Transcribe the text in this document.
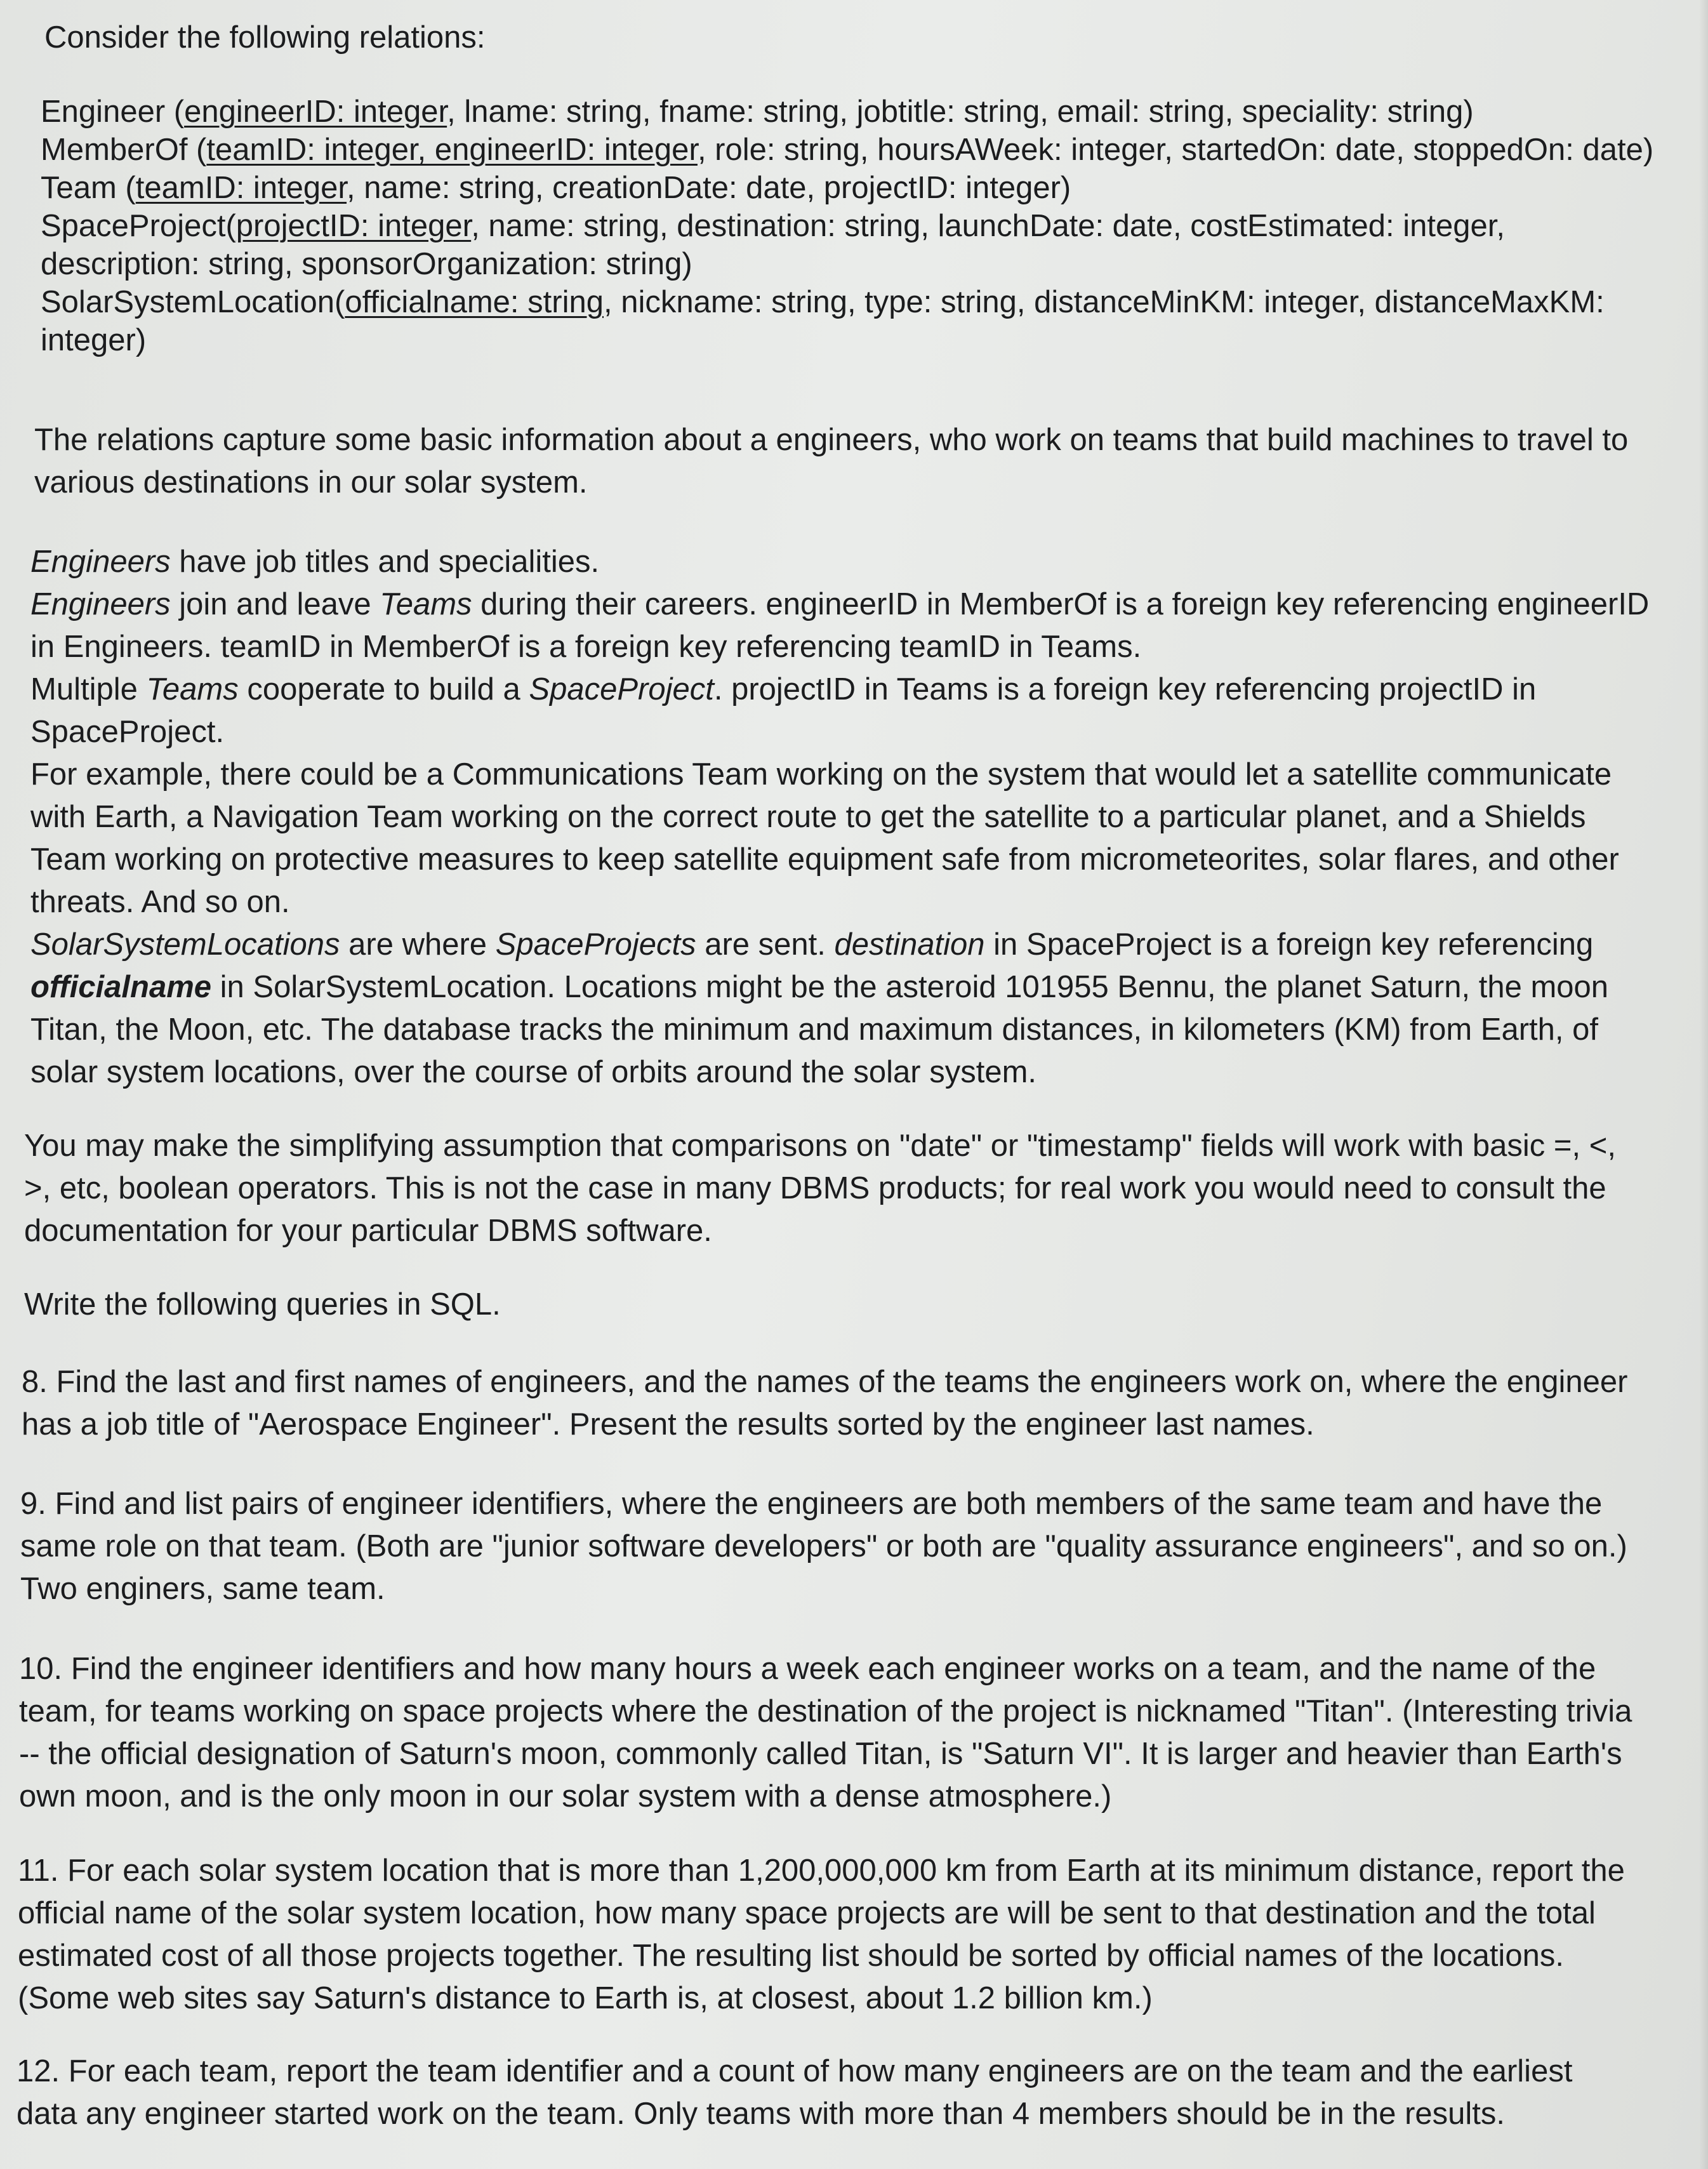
Consider the following relations:

Engineer (engineerID: integer, lname: string, fname: string, jobtitle: string, email: string, speciality: string)
MemberOf (teamID: integer, engineerID: integer, role: string, hoursAWeek: integer, startedOn: date, stoppedOn: date)
Team (teamID: integer, name: string, creationDate: date, projectID: integer)
SpaceProject(projectID: integer, name: string, destination: string, launchDate: date, costEstimated: integer,
description: string, sponsorOrganization: string)
SolarSystemLocation(officialname: string, nickname: string, type: string, distanceMinKM: integer, distanceMaxKM:
integer)

The relations capture some basic information about a engineers, who work on teams that build machines to travel to
various destinations in our solar system.

Engineers have job titles and specialities.
Engineers join and leave Teams during their careers. engineerID in MemberOf is a foreign key referencing engineerID
in Engineers. teamID in MemberOf is a foreign key referencing teamID in Teams.
Multiple Teams cooperate to build a SpaceProject. projectID in Teams is a foreign key referencing projectID in
SpaceProject.
For example, there could be a Communications Team working on the system that would let a satellite communicate
with Earth, a Navigation Team working on the correct route to get the satellite to a particular planet, and a Shields
Team working on protective measures to keep satellite equipment safe from micrometeorites, solar flares, and other
threats. And so on.
SolarSystemLocations are where SpaceProjects are sent. destination in SpaceProject is a foreign key referencing
officialname in SolarSystemLocation. Locations might be the asteroid 101955 Bennu, the planet Saturn, the moon
Titan, the Moon, etc. The database tracks the minimum and maximum distances, in kilometers (KM) from Earth, of
solar system locations, over the course of orbits around the solar system.

You may make the simplifying assumption that comparisons on "date" or "timestamp" fields will work with basic =, <,
>, etc, boolean operators. This is not the case in many DBMS products; for real work you would need to consult the
documentation for your particular DBMS software.

Write the following queries in SQL.

8. Find the last and first names of engineers, and the names of the teams the engineers work on, where the engineer
has a job title of "Aerospace Engineer". Present the results sorted by the engineer last names.

9. Find and list pairs of engineer identifiers, where the engineers are both members of the same team and have the
same role on that team. (Both are "junior software developers" or both are "quality assurance engineers", and so on.)
Two enginers, same team.

10. Find the engineer identifiers and how many hours a week each engineer works on a team, and the name of the
team, for teams working on space projects where the destination of the project is nicknamed "Titan". (Interesting trivia
-- the official designation of Saturn's moon, commonly called Titan, is "Saturn VI". It is larger and heavier than Earth's
own moon, and is the only moon in our solar system with a dense atmosphere.)

11. For each solar system location that is more than 1,200,000,000 km from Earth at its minimum distance, report the
official name of the solar system location, how many space projects are will be sent to that destination and the total
estimated cost of all those projects together. The resulting list should be sorted by official names of the locations.
(Some web sites say Saturn's distance to Earth is, at closest, about 1.2 billion km.)

12. For each team, report the team identifier and a count of how many engineers are on the team and the earliest
data any engineer started work on the team. Only teams with more than 4 members should be in the results.
